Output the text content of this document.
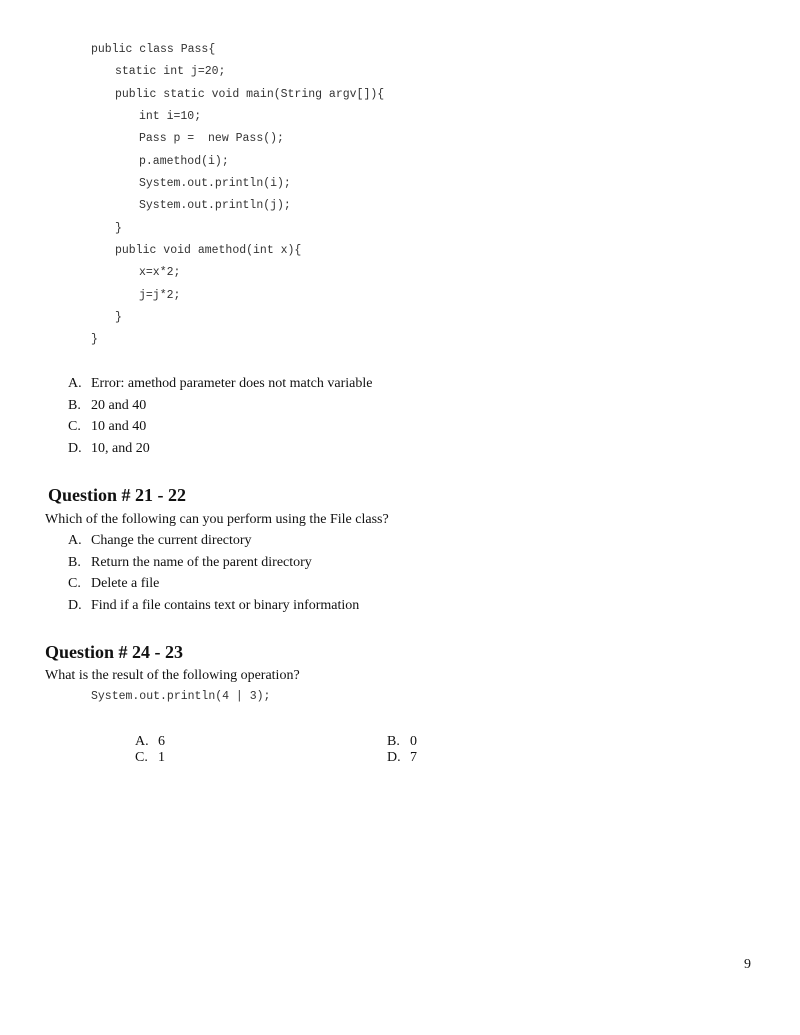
public class Pass{
static int j=20;
public static void main(String argv[]){
int i=10;
Pass p =  new Pass();
p.amethod(i);
System.out.println(i);
System.out.println(j);
}
public void amethod(int x){
x=x*2;
j=j*2;
}
}
A. Error: amethod parameter does not match variable
B. 20 and 40
C. 10 and 40
D. 10, and 20
Question # 21 - 22
Which of the following can you perform using the File class?
A. Change the current directory
B. Return the name of the parent directory
C. Delete a file
D. Find if a file contains text or binary information
Question # 24 - 23
What is the result of the following operation?
System.out.println(4 | 3);
A. 6	B. 0
C. 1	D. 7
9
